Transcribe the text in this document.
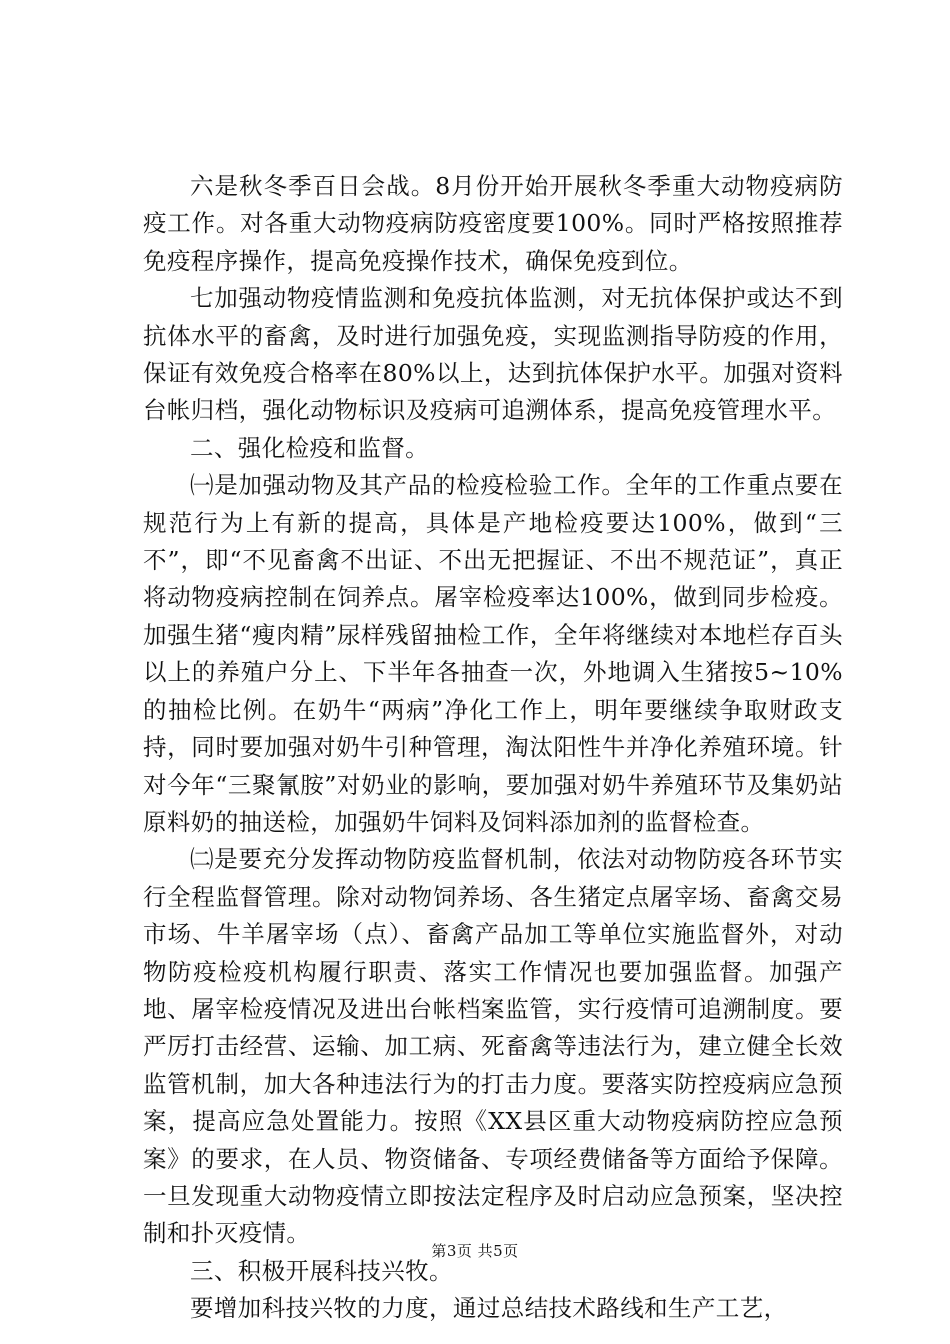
六是秋冬季百日会战。8月份开始开展秋冬季重大动物疫病防疫工作。对各重大动物疫病防疫密度要100%。同时严格按照推荐免疫程序操作，提高免疫操作技术，确保免疫到位。

七加强动物疫情监测和免疫抗体监测，对无抗体保护或达不到抗体水平的畜禽，及时进行加强免疫，实现监测指导防疫的作用，保证有效免疫合格率在80%以上，达到抗体保护水平。加强对资料台帐归档，强化动物标识及疫病可追溯体系，提高免疫管理水平。

二、强化检疫和监督。

㈠是加强动物及其产品的检疫检验工作。全年的工作重点要在规范行为上有新的提高，具体是产地检疫要达100%，做到“三不”，即“不见畜禽不出证、不出无把握证、不出不规范证”，真正将动物疫病控制在饲养点。屠宰检疫率达100%，做到同步检疫。加强生猪“瘦肉精”尿样残留抽检工作，全年将继续对本地栏存百头以上的养殖户分上、下半年各抽查一次，外地调入生猪按5~10%的抽检比例。在奶牛“两病”净化工作上，明年要继续争取财政支持，同时要加强对奶牛引种管理，淘汰阳性牛并净化养殖环境。针对今年“三聚氰胺”对奶业的影响，要加强对奶牛养殖环节及集奶站原料奶的抽送检，加强奶牛饲料及饲料添加剂的监督检查。

㈡是要充分发挥动物防疫监督机制，依法对动物防疫各环节实行全程监督管理。除对动物饲养场、各生猪定点屠宰场、畜禽交易市场、牛羊屠宰场（点）、畜禽产品加工等单位实施监督外，对动物防疫检疫机构履行职责、落实工作情况也要加强监督。加强产地、屠宰检疫情况及进出台帐档案监管，实行疫情可追溯制度。要严厉打击经营、运输、加工病、死畜禽等违法行为，建立健全长效监管机制，加大各种违法行为的打击力度。要落实防控疫病应急预案，提高应急处置能力。按照《XX县区重大动物疫病防控应急预案》的要求，在人员、物资储备、专项经费储备等方面给予保障。一旦发现重大动物疫情立即按法定程序及时启动应急预案，坚决控制和扑灭疫情。

三、积极开展科技兴牧。

要增加科技兴牧的力度，通过总结技术路线和生产工艺，

第3页 共5页
